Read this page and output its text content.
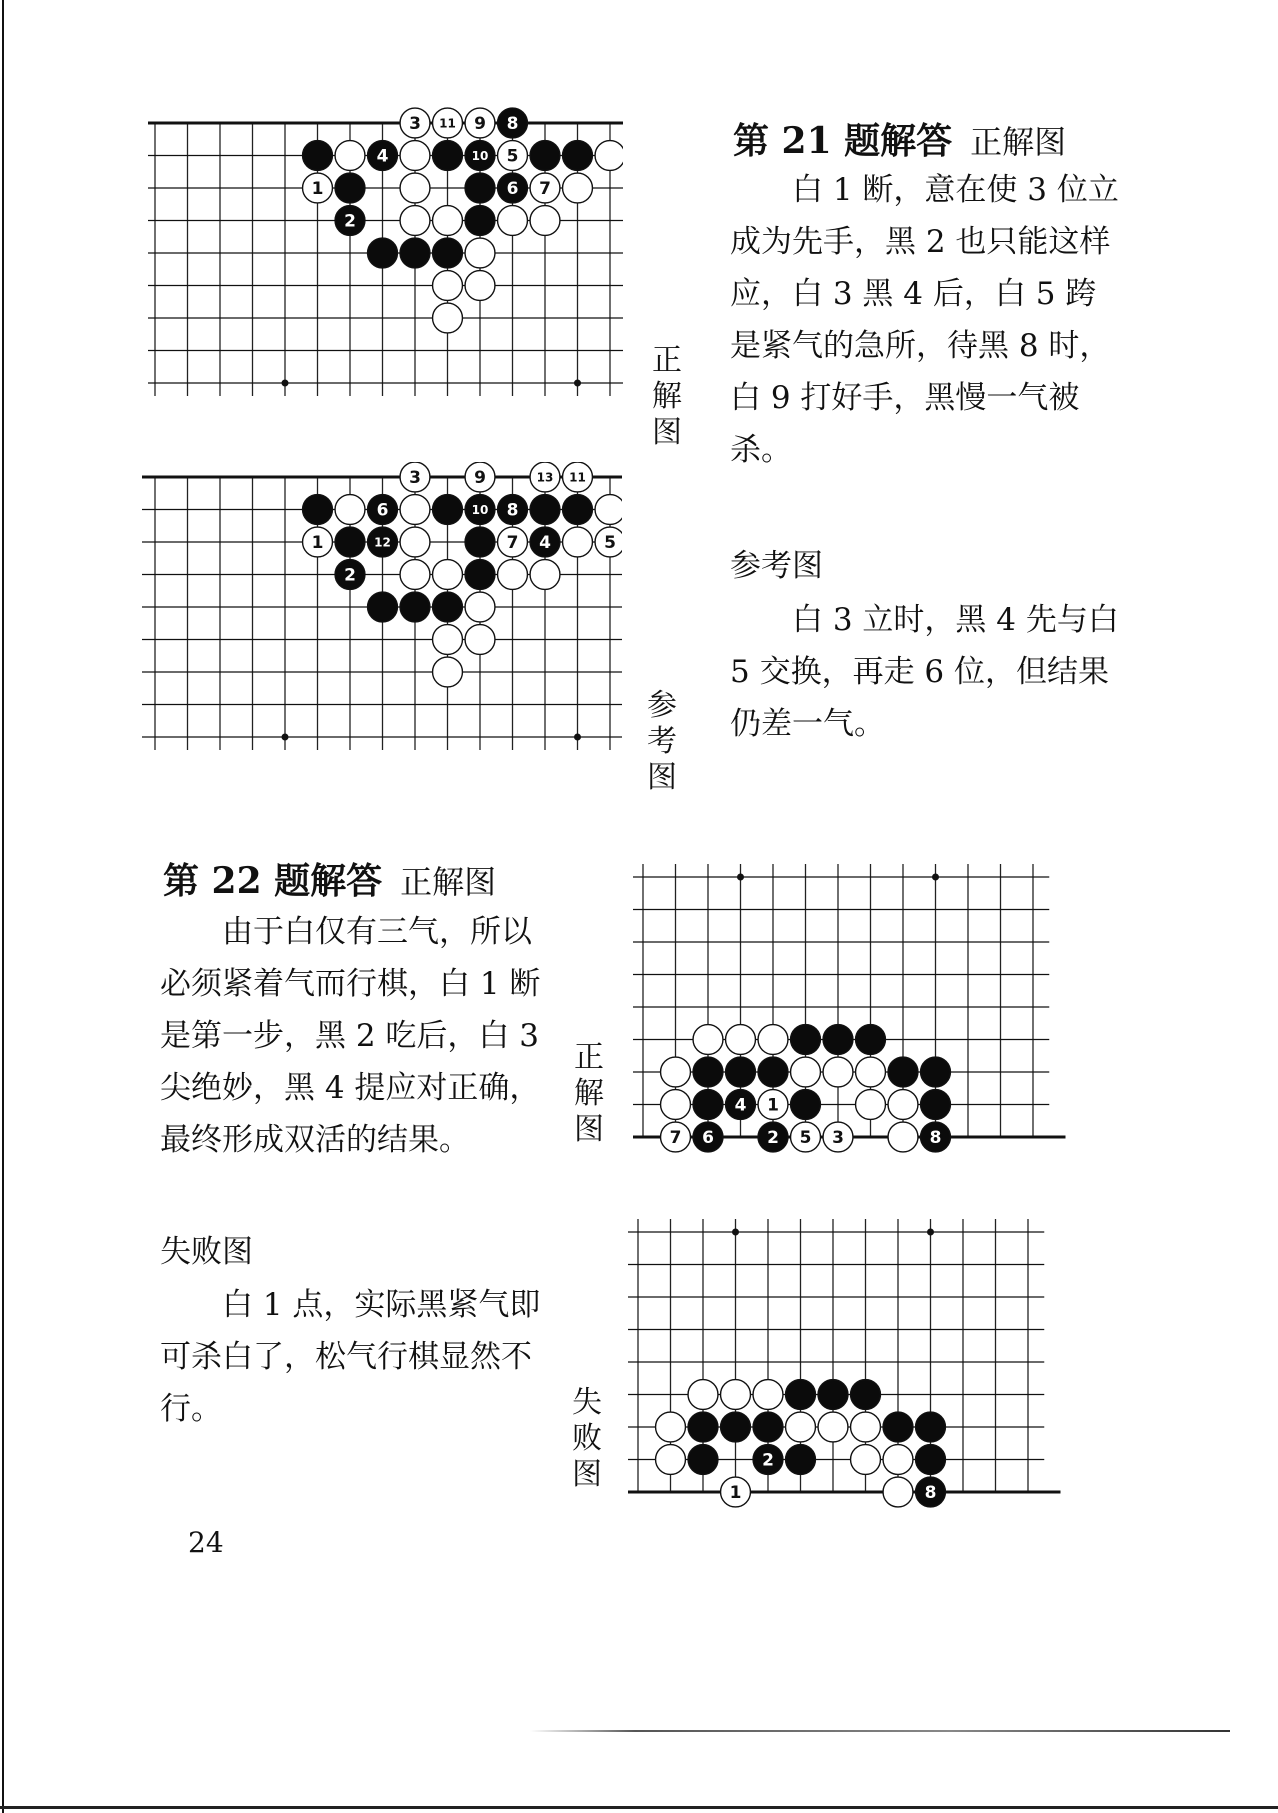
3 11 9 8
4	10 5
1	6 7
2
正
解
图
3	9	13 11
6	10 8
1	12	7 4	5
2
参
考
图
第 21 题解答 正解图

白 1 断，意在使 3 位立成为先手，黑 2 也只能这样应，白 3 黑 4 后，白 5 跨是紧气的急所，待黑 8 时，白 9 打好手，黑慢一气被杀。

参考图

白 3 立时，黑 4 先与白 5 交换，再走 6 位，但结果仍差一气。

第 22 题解答 正解图

由于白仅有三气，所以必须紧着气而行棋，白 1 断是第一步，黑 2 吃后，白 3 尖绝妙，黑 4 提应对正确，最终形成双活的结果。

失败图

白 1 点，实际黑紧气即可杀白了，松气行棋显然不行。

4 1
7 6	2 5 3	8
正
解
图
2
1	8
失
败
图
24
